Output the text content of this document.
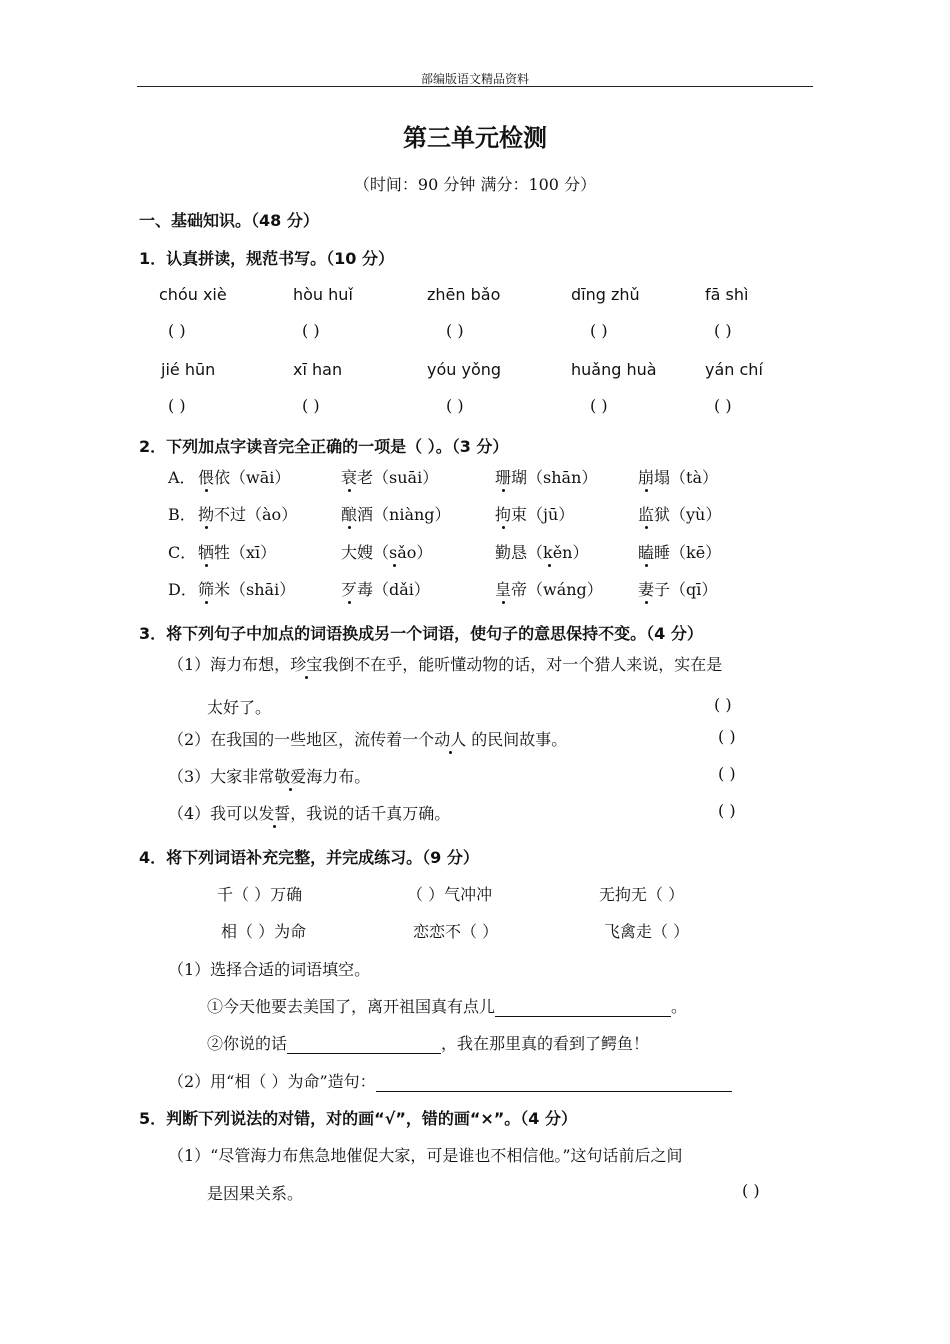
部编版语文精品资料
第三单元检测
（时间：90 分钟 满分：100 分）
一、基础知识。（48 分）
1．认真拼读，规范书写。（10 分）
chóu xiè	hòu huǐ	zhēn bǎo	dīng zhǔ	fā shì
( )	( )	( )	( )	( )
jié hūn	xī han	yóu yǒng	huǎng huà	yán chí
( )	( )	( )	( )	( )
2．下列加点字读音完全正确的一项是（ ）。（3 分）
A． 偎依（wāi）	衰老（suāi）	珊瑚（shān）	崩塌（tà）
B． 拗不过（ào）	酿酒（niàng）	拘束（jū）	监狱（yù）
C． 牺牲（xī）	大嫂（sǎo）	勤恳（kěn）	瞌睡（kē）
D． 筛米（shāi）	歹毒（dǎi）	皇帝（wáng） 妻子（qī）
3．将下列句子中加点的词语换成另一个词语，使句子的意思保持不变。（4 分）
（1）海力布想，珍宝我倒不在乎，能听懂动物的话，对一个猎人来说，实在是
太好了。	( )
（2）在我国的一些地区，流传着一个动人 的民间故事。	( )
（3）大家非常敬爱海力布。	( )
（4）我可以发誓，我说的话千真万确。	( )
4．将下列词语补充完整，并完成练习。（9 分）
千（ ）万确	（ ）气冲冲	无拘无（ ）
相（ ）为命	恋恋不（ ）	飞禽走（ ）
（1）选择合适的词语填空。
①今天他要去美国了，离开祖国真有点儿	。
②你说的话	，我在那里真的看到了鳄鱼！
（2）用“相（ ）为命”造句：
5．判断下列说法的对错，对的画“√”，错的画“×”。（4 分）
（1）“尽管海力布焦急地催促大家，可是谁也不相信他。”这句话前后之间
是因果关系。	( )
